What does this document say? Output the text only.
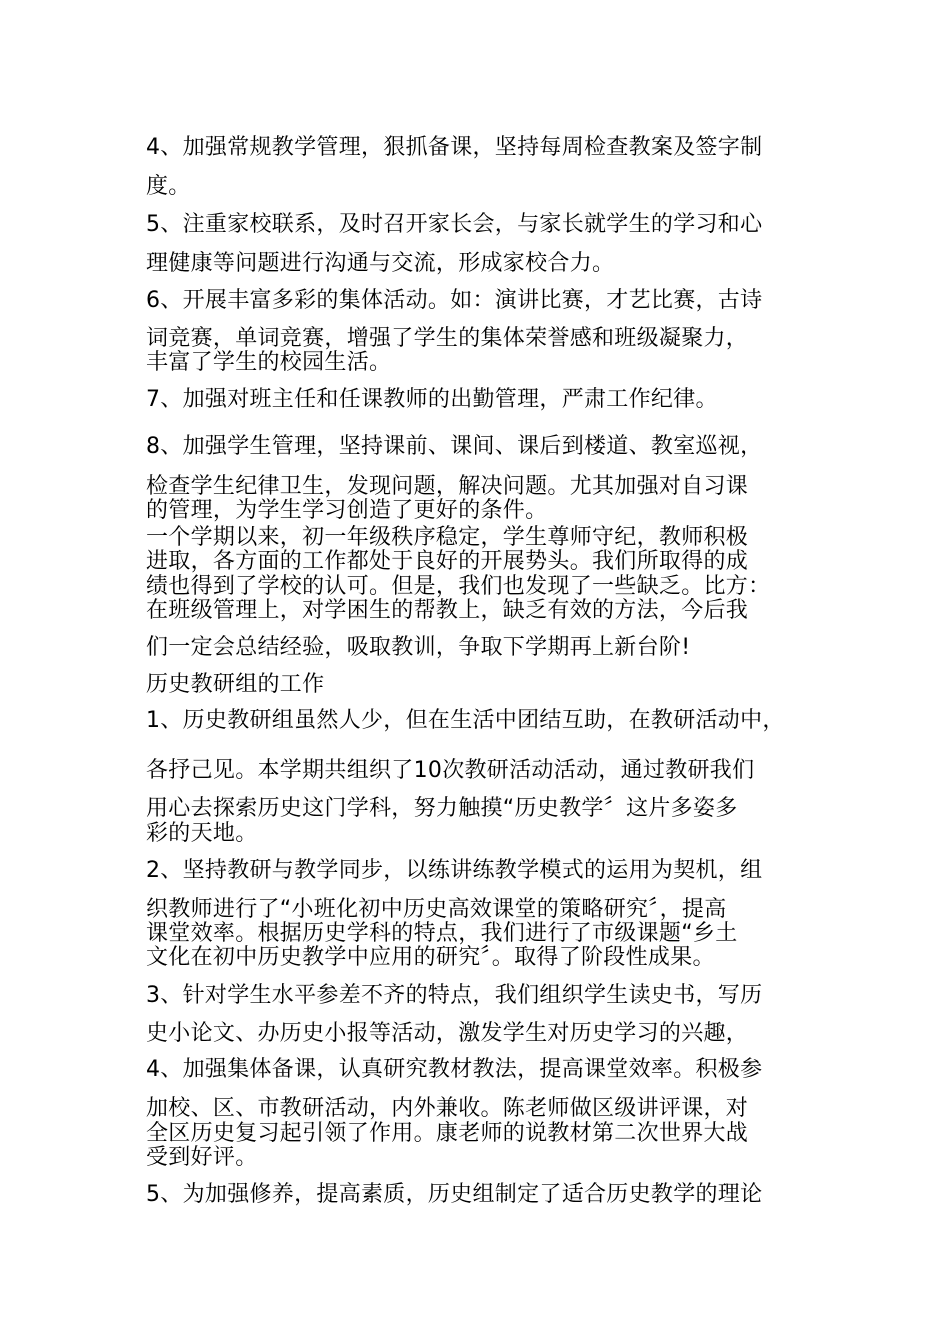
4、加强常规教学管理，狠抓备课，坚持每周检查教案及签字制
度。
5、注重家校联系，及时召开家长会，与家长就学生的学习和心
理健康等问题进行沟通与交流，形成家校合力。
6、开展丰富多彩的集体活动。如：演讲比赛，才艺比赛，古诗
词竞赛，单词竞赛，增强了学生的集体荣誉感和班级凝聚力，
丰富了学生的校园生活。
7、加强对班主任和任课教师的出勤管理，严肃工作纪律。
8、加强学生管理，坚持课前、课间、课后到楼道、教室巡视，
检查学生纪律卫生，发现问题，解决问题。尤其加强对自习课
的管理，为学生学习创造了更好的条件。
一个学期以来，初一年级秩序稳定，学生尊师守纪，教师积极
进取，各方面的工作都处于良好的开展势头。我们所取得的成
绩也得到了学校的认可。但是，我们也发现了一些缺乏。比方：
在班级管理上，对学困生的帮教上，缺乏有效的方法，今后我
们一定会总结经验，吸取教训，争取下学期再上新台阶!
历史教研组的工作
1、历史教研组虽然人少，但在生活中团结互助，在教研活动中，
各抒己见。本学期共组织了10次教研活动活动，通过教研我们
用心去探索历史这门学科，努力触摸“历史教学〞这片多姿多
彩的天地。
2、坚持教研与教学同步，以练讲练教学模式的运用为契机，组
织教师进行了“小班化初中历史高效课堂的策略研究〞，提高
课堂效率。根据历史学科的特点，我们进行了市级课题“乡土
文化在初中历史教学中应用的研究〞。取得了阶段性成果。
3、针对学生水平参差不齐的特点，我们组织学生读史书，写历
史小论文、办历史小报等活动，激发学生对历史学习的兴趣，
4、加强集体备课，认真研究教材教法，提高课堂效率。积极参
加校、区、市教研活动，内外兼收。陈老师做区级讲评课，对
全区历史复习起引领了作用。康老师的说教材第二次世界大战
受到好评。
5、为加强修养，提高素质，历史组制定了适合历史教学的理论
